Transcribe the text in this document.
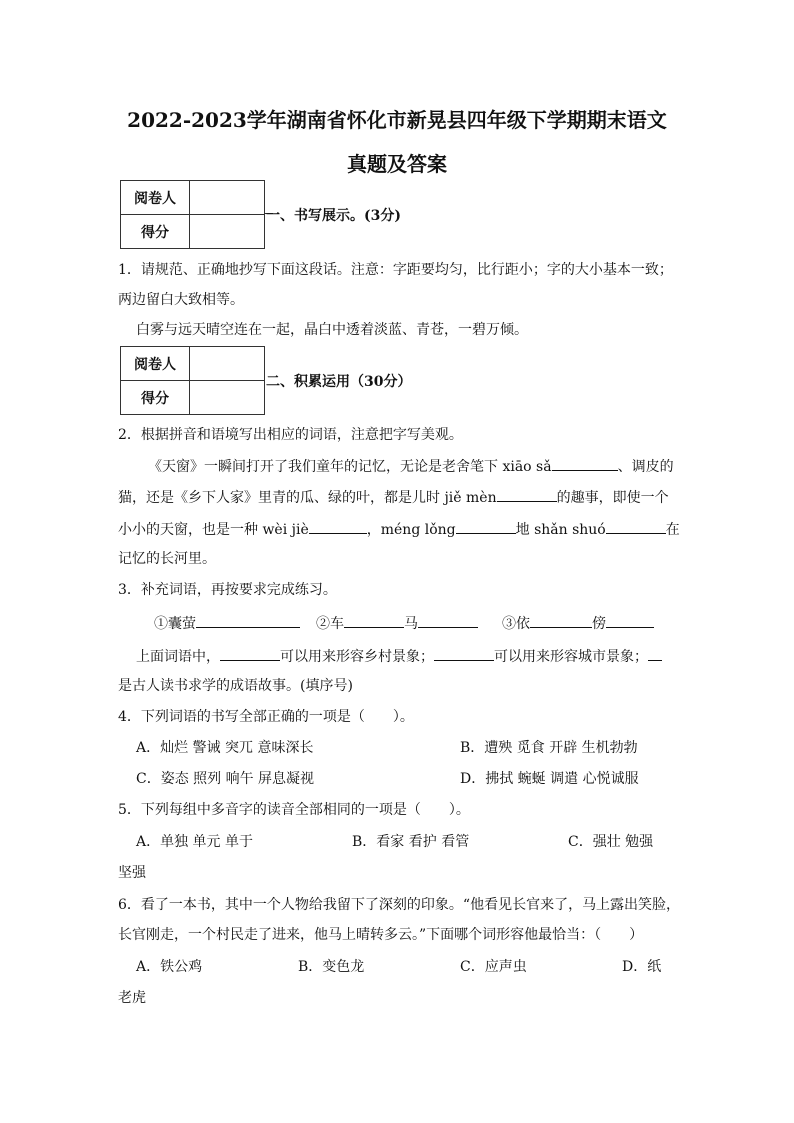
2022-2023学年湖南省怀化市新晃县四年级下学期期末语文
真题及答案
阅卷人	
得分	
一、书写展示。(3分)
1．请规范、正确地抄写下面这段话。注意：字距要均匀，比行距小；字的大小基本一致；
两边留白大致相等。
白雾与远天晴空连在一起，晶白中透着淡蓝、青苍，一碧万倾。
阅卷人	
得分	
二、积累运用（30分）
2．根据拼音和语境写出相应的词语，注意把字写美观。
《天窗》一瞬间打开了我们童年的记忆，无论是老舍笔下 xiāo sǎ	、调皮的
猫，还是《乡下人家》里青的瓜、绿的叶，都是儿时 jiě mèn	的趣事，即使一个
小小的天窗，也是一种 wèi jiè	，méng lǒng	地 shǎn shuó	在
记忆的长河里。
3．补充词语，再按要求完成练习。
①囊萤	②车	马	③依	傍
上面词语中，	可以用来形容乡村景象；	可以用来形容城市景象；
是古人读书求学的成语故事。(填序号)
4．下列词语的书写全部正确的一项是（　　）。
A．灿烂 警诫 突兀 意味深长	B．遭殃 觅食 开辟 生机勃勃
C．姿态 照列 响午 屏息凝视	D．拂拭 蜿蜒 调遣 心悦诚服
5．下列每组中多音字的读音全部相同的一项是（　　）。
A．单独 单元 单于	B．看家 看护 看管	C．强壮 勉强
坚强
6．看了一本书，其中一个人物给我留下了深刻的印象。“他看见长官来了，马上露出笑脸，
长官刚走，一个村民走了进来，他马上晴转多云。”下面哪个词形容他最恰当：（　　）
A．铁公鸡	B．变色龙	C．应声虫	D．纸
老虎
